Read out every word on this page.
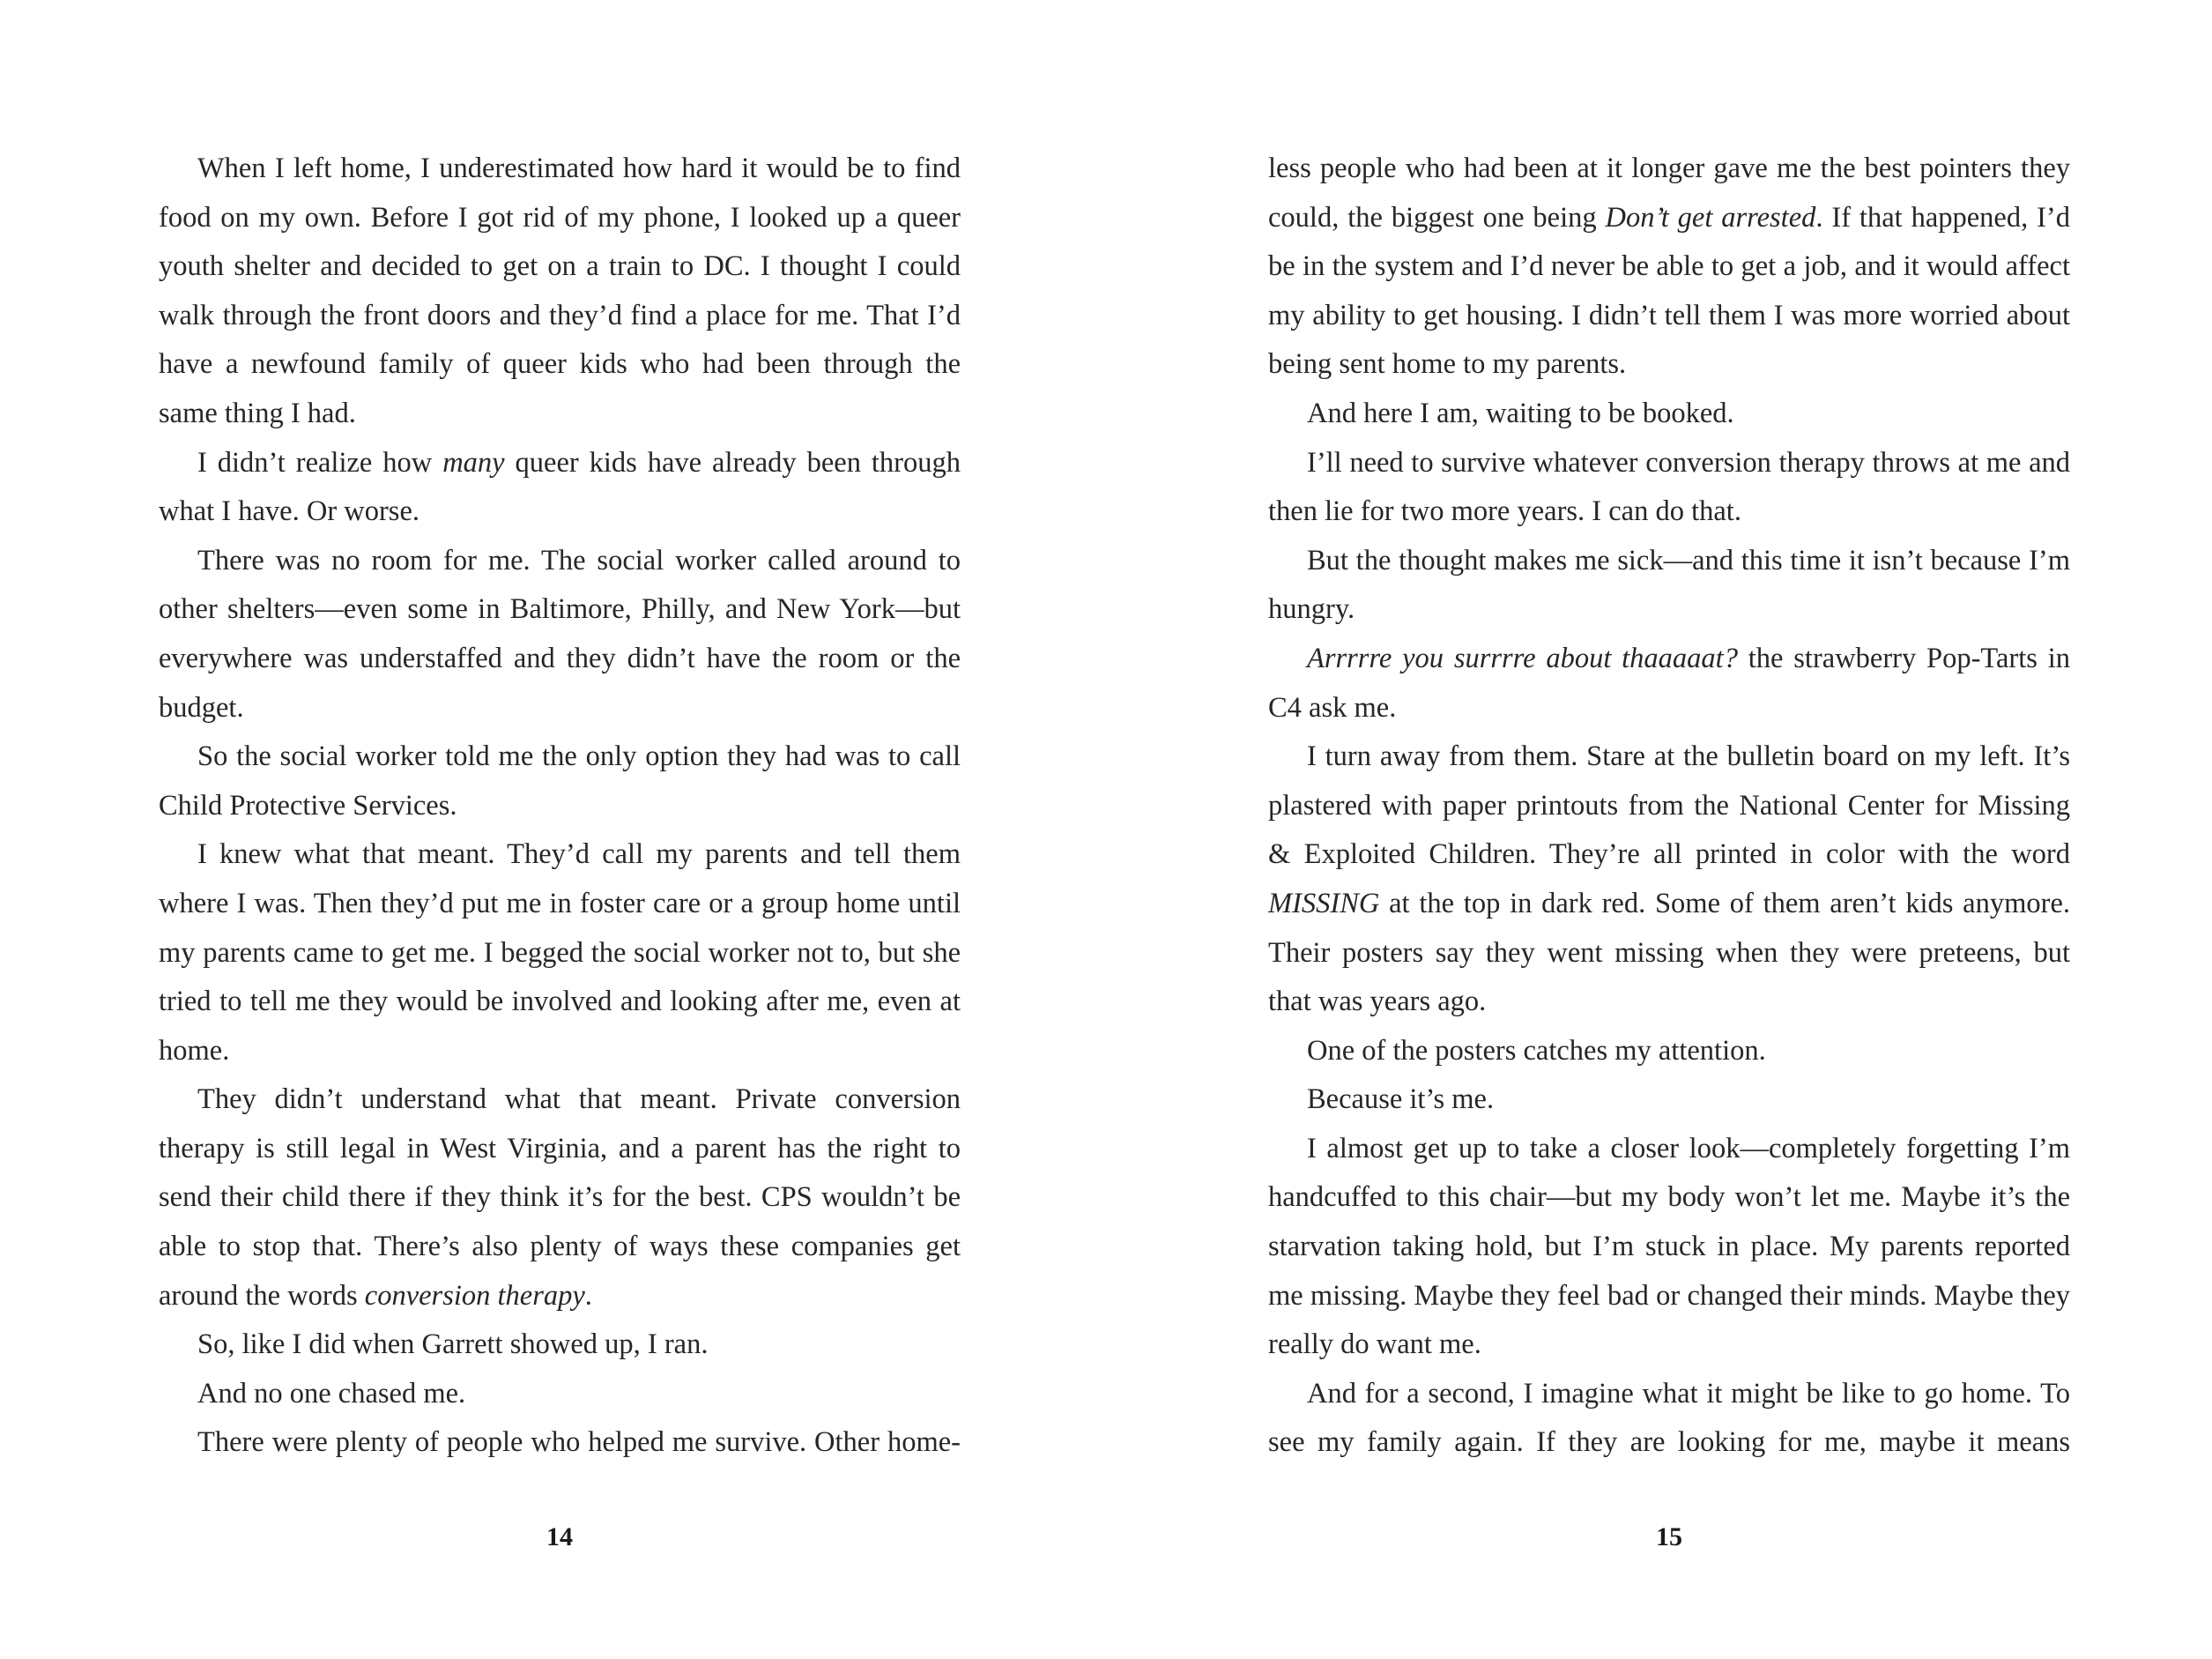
When I left home, I underestimated how hard it would be to find food on my own. Before I got rid of my phone, I looked up a queer youth shelter and decided to get on a train to DC. I thought I could walk through the front doors and they’d find a place for me. That I’d have a newfound family of queer kids who had been through the same thing I had.

I didn’t realize how many queer kids have already been through what I have. Or worse.

There was no room for me. The social worker called around to other shelters—even some in Baltimore, Philly, and New York—but everywhere was understaffed and they didn’t have the room or the budget.

So the social worker told me the only option they had was to call Child Protective Services.

I knew what that meant. They’d call my parents and tell them where I was. Then they’d put me in foster care or a group home until my parents came to get me. I begged the social worker not to, but she tried to tell me they would be involved and looking after me, even at home.

They didn’t understand what that meant. Private conversion therapy is still legal in West Virginia, and a parent has the right to send their child there if they think it’s for the best. CPS wouldn’t be able to stop that. There’s also plenty of ways these companies get around the words conversion therapy.

So, like I did when Garrett showed up, I ran.

And no one chased me.

There were plenty of people who helped me survive. Other home-

14

less people who had been at it longer gave me the best pointers they could, the biggest one being Don’t get arrested. If that happened, I’d be in the system and I’d never be able to get a job, and it would affect my ability to get housing. I didn’t tell them I was more worried about being sent home to my parents.

And here I am, waiting to be booked.

I’ll need to survive whatever conversion therapy throws at me and then lie for two more years. I can do that.

But the thought makes me sick—and this time it isn’t because I’m hungry.

Arrrrre you surrrre about thaaaaat? the strawberry Pop-Tarts in C4 ask me.

I turn away from them. Stare at the bulletin board on my left. It’s plastered with paper printouts from the National Center for Missing & Exploited Children. They’re all printed in color with the word MISSING at the top in dark red. Some of them aren’t kids anymore. Their posters say they went missing when they were preteens, but that was years ago.

One of the posters catches my attention.

Because it’s me.

I almost get up to take a closer look—completely forgetting I’m handcuffed to this chair—but my body won’t let me. Maybe it’s the starvation taking hold, but I’m stuck in place. My parents reported me missing. Maybe they feel bad or changed their minds. Maybe they really do want me.

And for a second, I imagine what it might be like to go home. To see my family again. If they are looking for me, maybe it means

15
